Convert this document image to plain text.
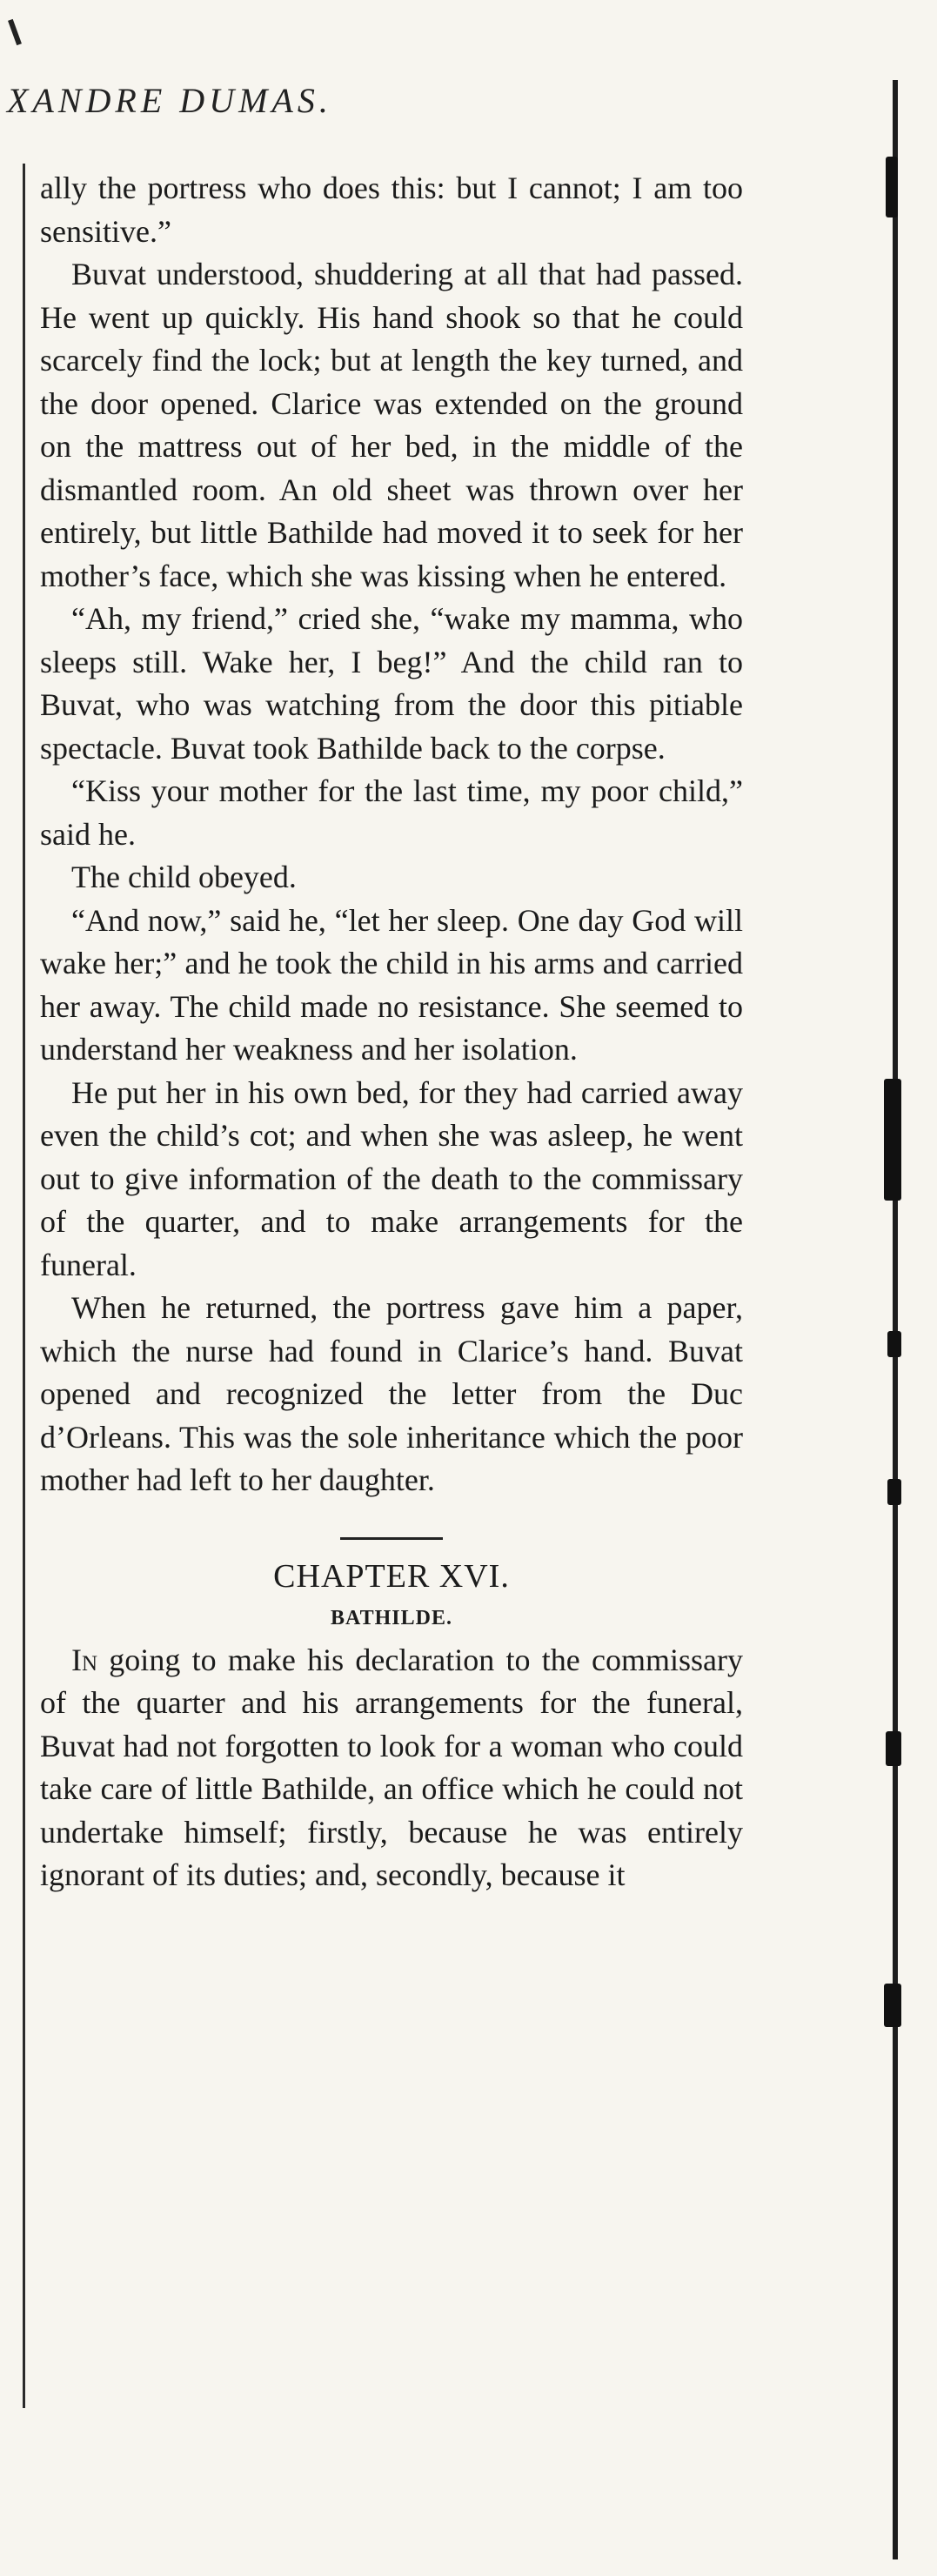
XANDRE DUMAS.

ally the portress who does this: but I cannot; I am too sensitive.”

Buvat understood, shuddering at all that had passed. He went up quickly. His hand shook so that he could scarcely find the lock; but at length the key turned, and the door opened. Clarice was extended on the ground on the mattress out of her bed, in the middle of the dismantled room. An old sheet was thrown over her entirely, but little Bathilde had moved it to seek for her mother’s face, which she was kissing when he entered.

“Ah, my friend,” cried she, “wake my mamma, who sleeps still. Wake her, I beg!” And the child ran to Buvat, who was watching from the door this pitiable spectacle. Buvat took Bathilde back to the corpse.

“Kiss your mother for the last time, my poor child,” said he.

The child obeyed.

“And now,” said he, “let her sleep. One day God will wake her;” and he took the child in his arms and carried her away. The child made no resistance. She seemed to understand her weakness and her isolation.

He put her in his own bed, for they had carried away even the child’s cot; and when she was asleep, he went out to give information of the death to the commissary of the quarter, and to make arrangements for the funeral.

When he returned, the portress gave him a paper, which the nurse had found in Clarice’s hand. Buvat opened and recognized the letter from the Duc d’Orleans. This was the sole inheritance which the poor mother had left to her daughter.

CHAPTER XVI.
BATHILDE.

In going to make his declaration to the commissary of the quarter and his arrangements for the funeral, Buvat had not forgotten to look for a woman who could take care of little Bathilde, an office which he could not undertake himself; firstly, because he was entirely ignorant of its duties; and, secondly, because it
